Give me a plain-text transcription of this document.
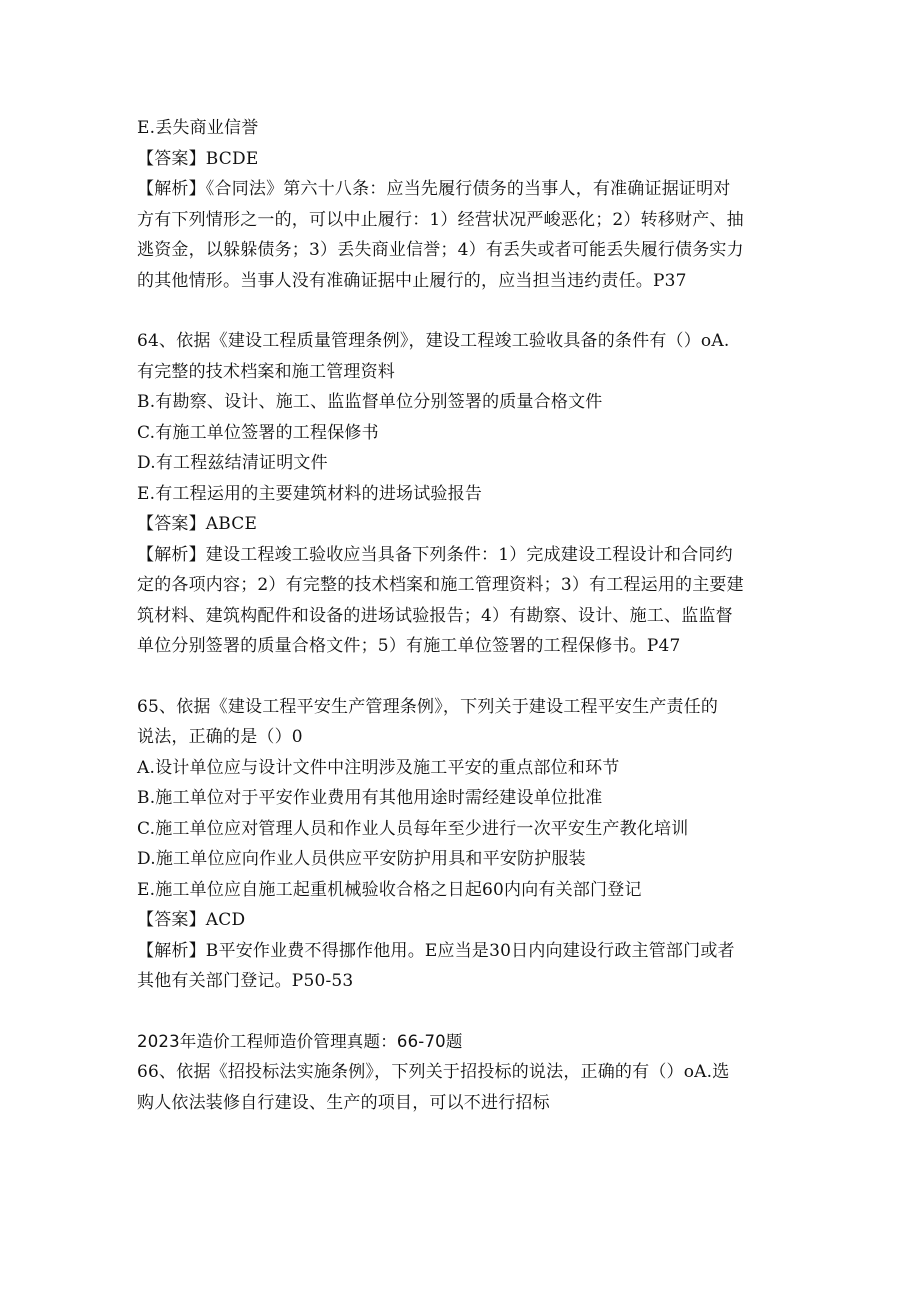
E.丢失商业信誉
【答案】BCDE
【解析】《合同法》第六十八条：应当先履行债务的当事人，有准确证据证明对
方有下列情形之一的，可以中止履行：1）经营状况严峻恶化；2）转移财产、抽
逃资金，以躲躲债务；3）丢失商业信誉；4）有丢失或者可能丢失履行债务实力
的其他情形。当事人没有准确证据中止履行的，应当担当违约责任。P37
64、依据《建设工程质量管理条例》，建设工程竣工验收具备的条件有（）oA.
有完整的技术档案和施工管理资料
B.有勘察、设计、施工、监监督单位分别签署的质量合格文件
C.有施工单位签署的工程保修书
D.有工程兹结清证明文件
E.有工程运用的主要建筑材料的进场试验报告
【答案】ABCE
【解析】建设工程竣工验收应当具备下列条件：1）完成建设工程设计和合同约
定的各项内容；2）有完整的技术档案和施工管理资料；3）有工程运用的主要建
筑材料、建筑构配件和设备的进场试验报告；4）有勘察、设计、施工、监监督
单位分别签署的质量合格文件；5）有施工单位签署的工程保修书。P47
65、依据《建设工程平安生产管理条例》，下列关于建设工程平安生产责任的
说法，正确的是（）0
A.设计单位应与设计文件中注明涉及施工平安的重点部位和环节
B.施工单位对于平安作业费用有其他用途时需经建设单位批准
C.施工单位应对管理人员和作业人员每年至少进行一次平安生产教化培训
D.施工单位应向作业人员供应平安防护用具和平安防护服装
E.施工单位应自施工起重机械验收合格之日起60内向有关部门登记
【答案】ACD
【解析】B平安作业费不得挪作他用。E应当是30日内向建设行政主管部门或者
其他有关部门登记。P50-53
2023年造价工程师造价管理真题：66-70题
66、依据《招投标法实施条例》，下列关于招投标的说法，正确的有（）oA.选
购人依法装修自行建设、生产的项目，可以不进行招标
